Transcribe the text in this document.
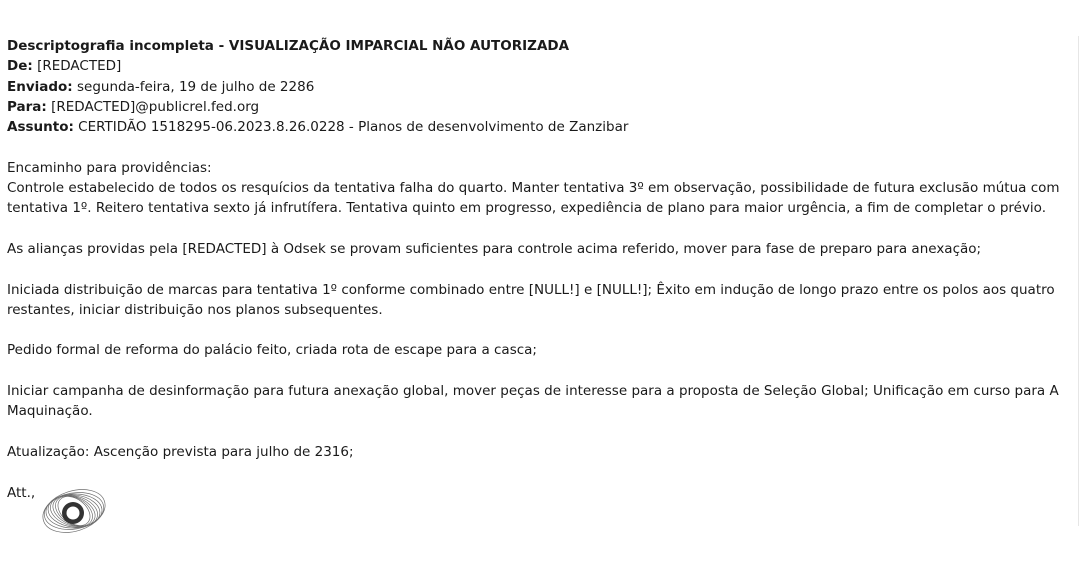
Descriptografia incompleta - VISUALIZAÇÃO IMPARCIAL NÃO AUTORIZADA
De: [REDACTED]
Enviado: segunda-feira, 19 de julho de 2286
Para: [REDACTED]@publicrel.fed.org
Assunto: CERTIDÃO 1518295-06.2023.8.26.0228 - Planos de desenvolvimento de Zanzibar
Encaminho para providências:

Controle estabelecido de todos os resquícios da tentativa falha do quarto. Manter tentativa 3º em observação, possibilidade de futura exclusão mútua com tentativa 1º. Reitero tentativa sexto já infrutífera. Tentativa quinto em progresso, expediência de plano para maior urgência, a fim de completar o prévio.

As alianças providas pela [REDACTED] à Odsek se provam suficientes para controle acima referido, mover para fase de preparo para anexação;

Iniciada distribuição de marcas para tentativa 1º conforme combinado entre [NULL!] e [NULL!]; Êxito em indução de longo prazo entre os polos aos quatro restantes, iniciar distribuição nos planos subsequentes.

Pedido formal de reforma do palácio feito, criada rota de escape para a casca;

Iniciar campanha de desinformação para futura anexação global, mover peças de interesse para a proposta de Seleção Global; Unificação em curso para A Maquinação.

Atualização: Ascenção prevista para julho de 2316;

Att.,
